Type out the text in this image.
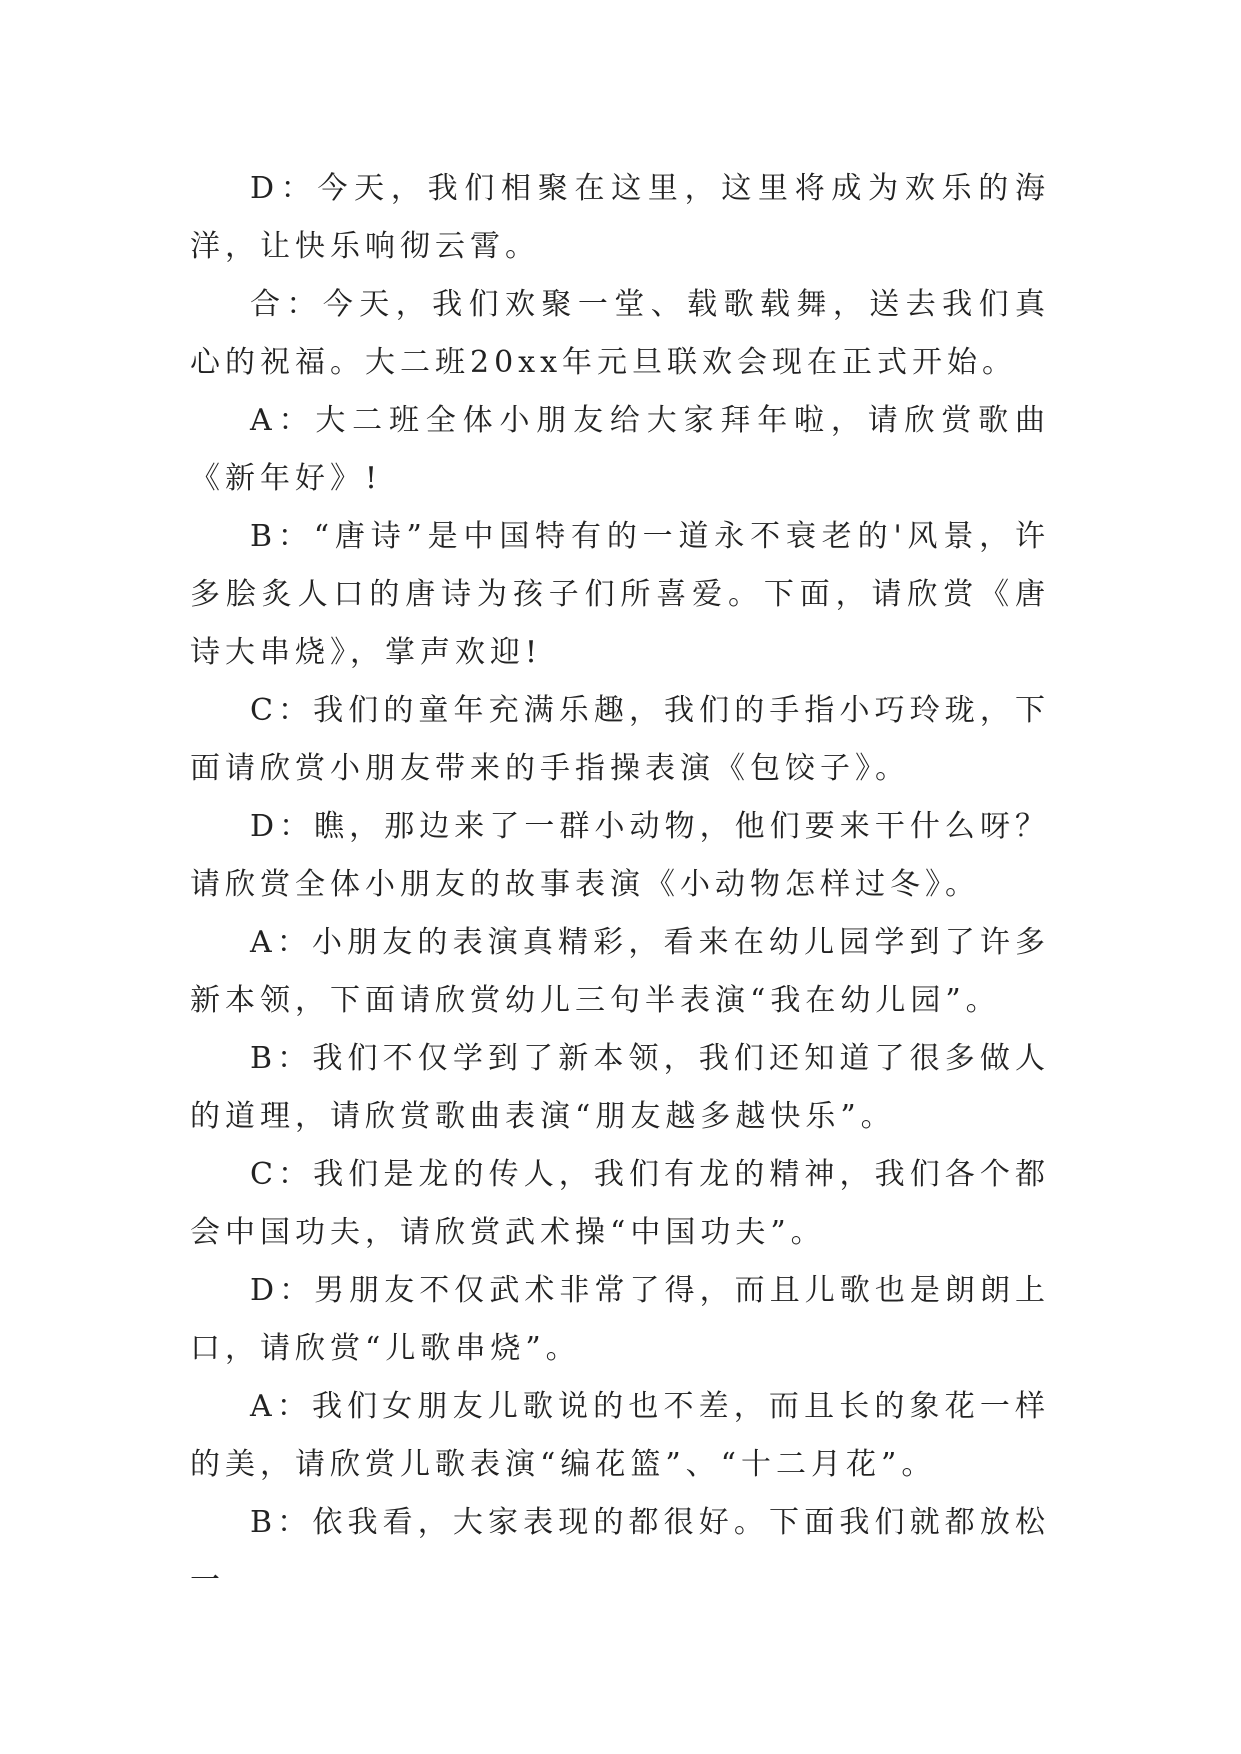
D：今天，我们相聚在这里，这里将成为欢乐的海洋，让快乐响彻云霄。

合：今天，我们欢聚一堂、载歌载舞，送去我们真心的祝福。大二班20xx年元旦联欢会现在正式开始。

A：大二班全体小朋友给大家拜年啦，请欣赏歌曲《新年好》!

B：“唐诗”是中国特有的一道永不衰老的'风景，许多脍炙人口的唐诗为孩子们所喜爱。下面，请欣赏《唐诗大串烧》，掌声欢迎!

C：我们的童年充满乐趣，我们的手指小巧玲珑，下面请欣赏小朋友带来的手指操表演《包饺子》。

D：瞧，那边来了一群小动物，他们要来干什么呀？请欣赏全体小朋友的故事表演《小动物怎样过冬》。

A：小朋友的表演真精彩，看来在幼儿园学到了许多新本领，下面请欣赏幼儿三句半表演“我在幼儿园”。

B：我们不仅学到了新本领，我们还知道了很多做人的道理，请欣赏歌曲表演“朋友越多越快乐”。

C：我们是龙的传人，我们有龙的精神，我们各个都会中国功夫，请欣赏武术操“中国功夫”。

D：男朋友不仅武术非常了得，而且儿歌也是朗朗上口，请欣赏“儿歌串烧”。

A：我们女朋友儿歌说的也不差，而且长的象花一样的美，请欣赏儿歌表演“编花篮”、“十二月花”。

B：依我看，大家表现的都很好。下面我们就都放松一
